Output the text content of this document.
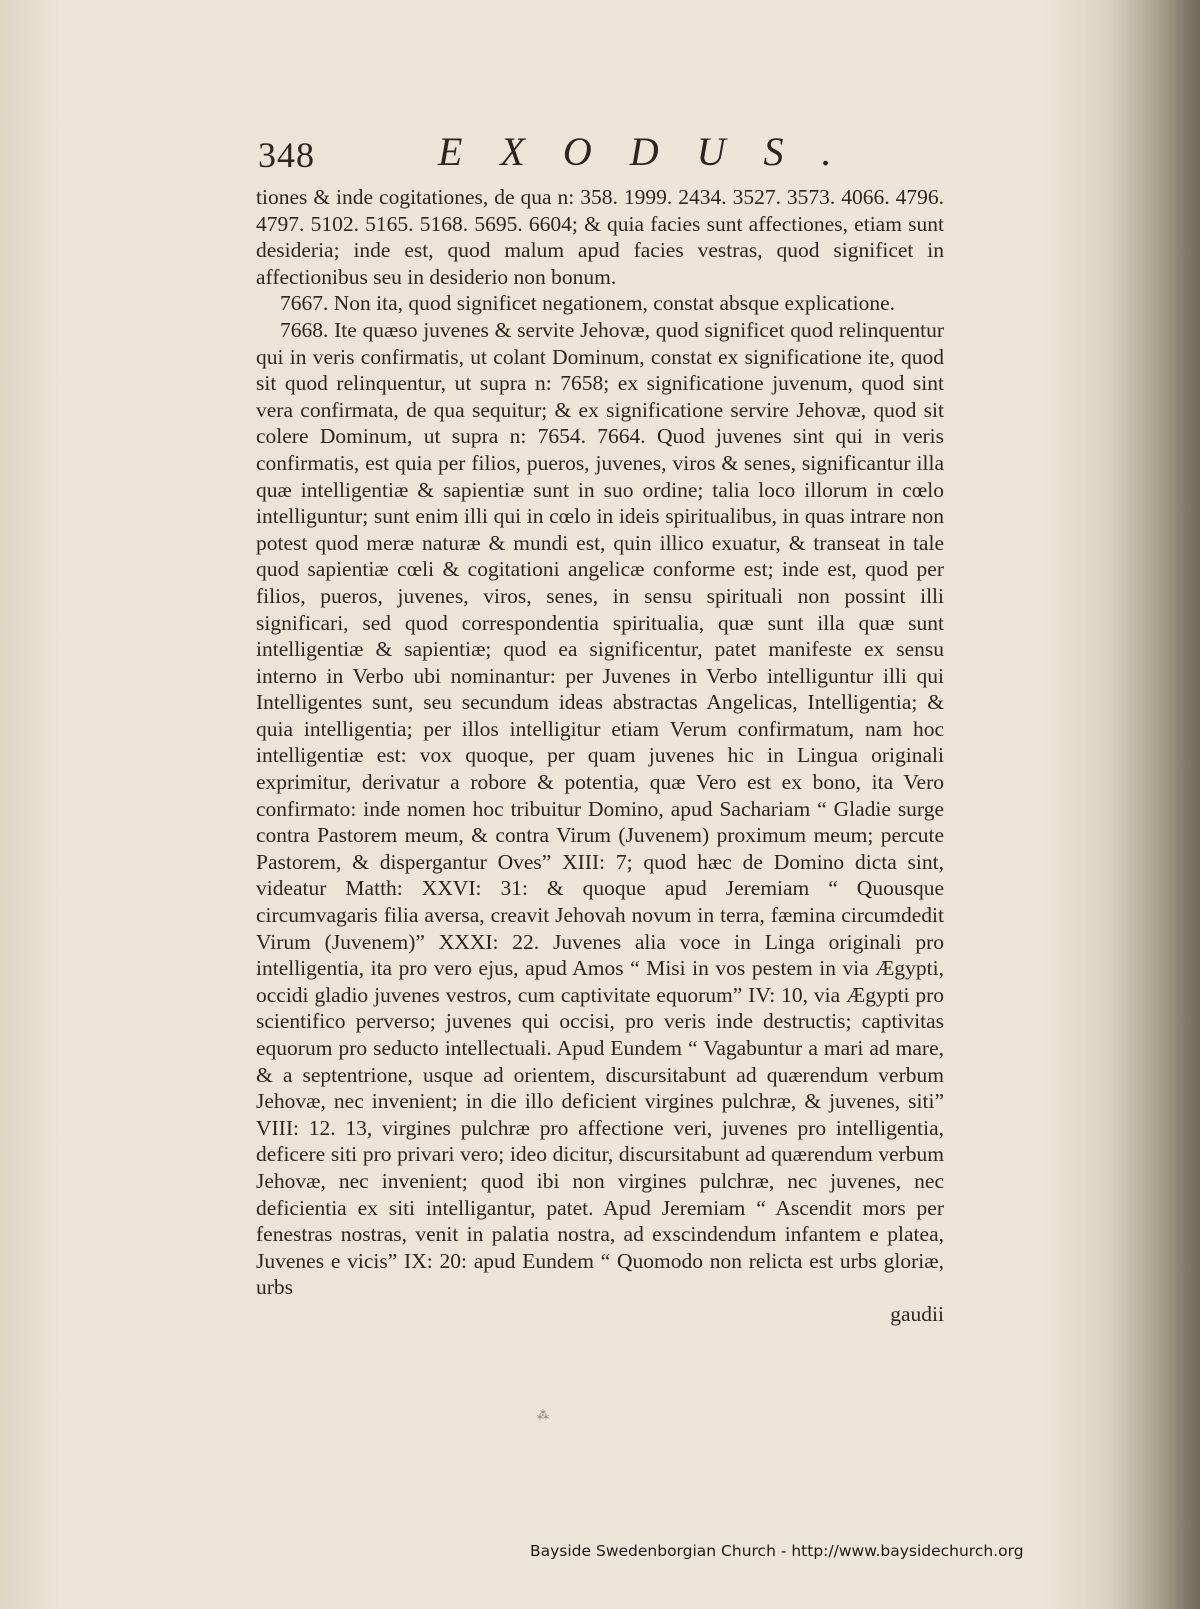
348	EXODUS.

tiones & inde cogitationes, de qua n: 358. 1999. 2434. 3527. 3573. 4066. 4796. 4797. 5102. 5165. 5168. 5695. 6604; & quia facies sunt affectiones, etiam sunt desideria; inde est, quod malum apud facies vestras, quod significet in affectionibus seu in desiderio non bonum.

7667. Non ita, quod significet negationem, constat absque explicatione.

7668. Ite quæso juvenes & servite Jehovæ, quod significet quod relinquentur qui in veris confirmatis, ut colant Dominum, constat ex significatione ite, quod sit quod relinquentur, ut supra n: 7658; ex significatione juvenum, quod sint vera confirmata, de qua sequitur; & ex significatione servire Jehovæ, quod sit colere Dominum, ut supra n: 7654. 7664. Quod juvenes sint qui in veris confirmatis, est quia per filios, pueros, juvenes, viros & senes, significantur illa quæ intelligentiæ & sapientiæ sunt in suo ordine; talia loco illorum in cœlo intelliguntur; sunt enim illi qui in cœlo in ideis spiritualibus, in quas intrare non potest quod meræ naturæ & mundi est, quin illico exuatur, & transeat in tale quod sapientiæ cœli & cogitationi angelicæ conforme est; inde est, quod per filios, pueros, juvenes, viros, senes, in sensu spirituali non possint illi significari, sed quod correspondentia spiritualia, quæ sunt illa quæ sunt intelligentiæ & sapientiæ; quod ea significentur, patet manifeste ex sensu interno in Verbo ubi nominantur: per Juvenes in Verbo intelliguntur illi qui Intelligentes sunt, seu secundum ideas abstractas Angelicas, Intelligentia; & quia intelligentia; per illos intelligitur etiam Verum confirmatum, nam hoc intelligentiæ est: vox quoque, per quam juvenes hic in Lingua originali exprimitur, derivatur a robore & potentia, quæ Vero est ex bono, ita Vero confirmato: inde nomen hoc tribuitur Domino, apud Sachariam “ Gladie surge contra Pastorem meum, & contra Virum (Juvenem) proximum meum; percute Pastorem, & dispergantur Oves” XIII: 7; quod hæc de Domino dicta sint, videatur Matth: XXVI: 31: & quoque apud Jeremiam “ Quousque circumvagaris filia aversa, creavit Jehovah novum in terra, fæmina circumdedit Virum (Juvenem)” XXXI: 22. Juvenes alia voce in Linga originali pro intelligentia, ita pro vero ejus, apud Amos “ Misi in vos pestem in via Ægypti, occidi gladio juvenes vestros, cum captivitate equorum” IV: 10, via Ægypti pro scientifico perverso; juvenes qui occisi, pro veris inde destructis; captivitas equorum pro seducto intellectuali. Apud Eundem “ Vagabuntur a mari ad mare, & a septentrione, usque ad orientem, discursitabunt ad quærendum verbum Jehovæ, nec invenient; in die illo deficient virgines pulchræ, & juvenes, siti” VIII: 12. 13, virgines pulchræ pro affectione veri, juvenes pro intelligentia, deficere siti pro privari vero; ideo dicitur, discursitabunt ad quærendum verbum Jehovæ, nec invenient; quod ibi non virgines pulchræ, nec juvenes, nec deficientia ex siti intelligantur, patet. Apud Jeremiam “ Ascendit mors per fenestras nostras, venit in palatia nostra, ad exscindendum infantem e platea, Juvenes e vicis” IX: 20: apud Eundem “ Quomodo non relicta est urbs gloriæ, urbs

gaudii

⁂
Bayside Swedenborgian Church - http://www.baysidechurch.org
